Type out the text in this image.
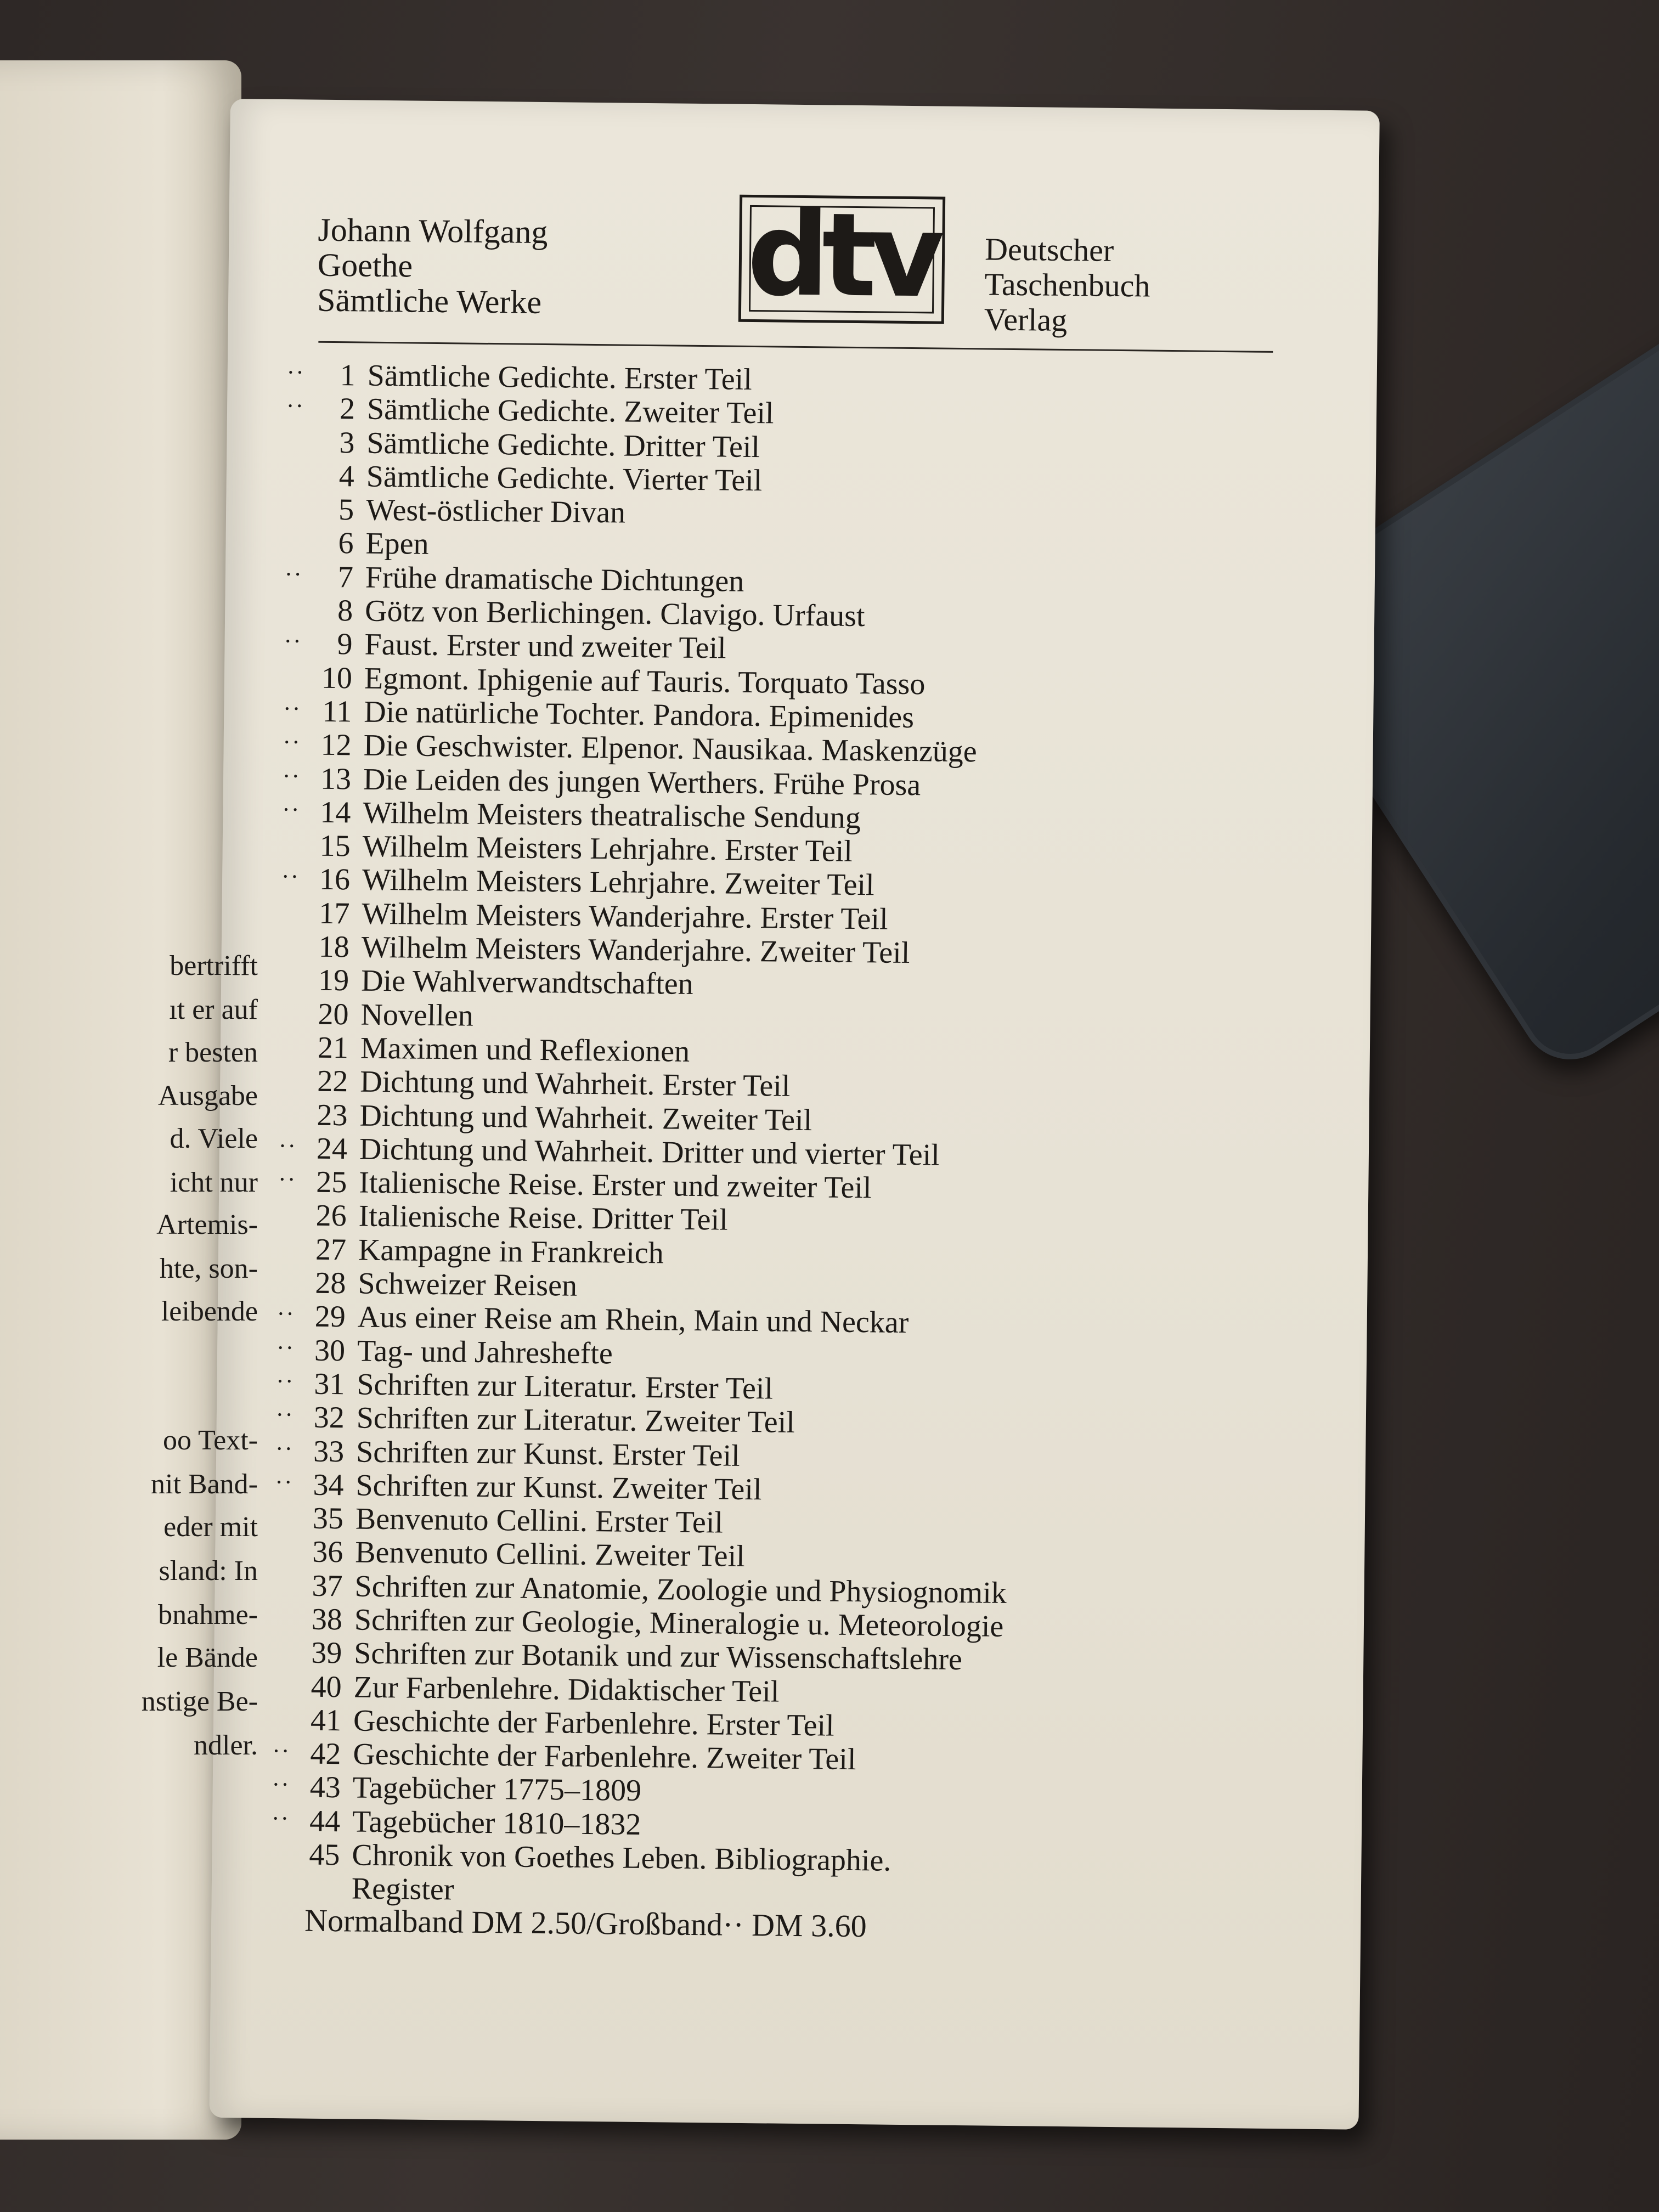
Johann Wolfgang
Goethe
Sämtliche Werke dtv Deutscher
Taschenbuch
Verlag
··	1 Sämtliche Gedichte. Erster Teil
··	2 Sämtliche Gedichte. Zweiter Teil
3 Sämtliche Gedichte. Dritter Teil
4 Sämtliche Gedichte. Vierter Teil
5 West-östlicher Divan
6 Epen
··	7 Frühe dramatische Dichtungen
8 Götz von Berlichingen. Clavigo. Urfaust
··	9 Faust. Erster und zweiter Teil
10 Egmont. Iphigenie auf Tauris. Torquato Tasso
·· 11 Die natürliche Tochter. Pandora. Epimenides
·· 12 Die Geschwister. Elpenor. Nausikaa. Maskenzüge
·· 13 Die Leiden des jungen Werthers. Frühe Prosa
·· 14 Wilhelm Meisters theatralische Sendung
15 Wilhelm Meisters Lehrjahre. Erster Teil
·· 16 Wilhelm Meisters Lehrjahre. Zweiter Teil
17 Wilhelm Meisters Wanderjahre. Erster Teil
18 Wilhelm Meisters Wanderjahre. Zweiter Teil
19 Die Wahlverwandtschaften
20 Novellen
21 Maximen und Reflexionen
22 Dichtung und Wahrheit. Erster Teil
23 Dichtung und Wahrheit. Zweiter Teil
·· 24 Dichtung und Wahrheit. Dritter und vierter Teil
·· 25 Italienische Reise. Erster und zweiter Teil
26 Italienische Reise. Dritter Teil
27 Kampagne in Frankreich
28 Schweizer Reisen
·· 29 Aus einer Reise am Rhein, Main und Neckar
·· 30 Tag- und Jahreshefte
·· 31 Schriften zur Literatur. Erster Teil
·· 32 Schriften zur Literatur. Zweiter Teil
·· 33 Schriften zur Kunst. Erster Teil
·· 34 Schriften zur Kunst. Zweiter Teil
35 Benvenuto Cellini. Erster Teil
36 Benvenuto Cellini. Zweiter Teil
37 Schriften zur Anatomie, Zoologie und Physiognomik
38 Schriften zur Geologie, Mineralogie u. Meteorologie
39 Schriften zur Botanik und zur Wissenschaftslehre
40 Zur Farbenlehre. Didaktischer Teil
41 Geschichte der Farbenlehre. Erster Teil
·· 42 Geschichte der Farbenlehre. Zweiter Teil
·· 43 Tagebücher 1775–1809
·· 44 Tagebücher 1810–1832
45 Chronik von Goethes Leben. Bibliographie.
Register
Normalband DM 2.50/Großband·· DM 3.60
bertrifft
ıt er auf
r besten
Ausgabe
d. Viele
icht nur
Artemis-
hte, son-
leibende
oo Text-
nit Band-
eder mit
sland: In
bnahme-
le Bände
nstige Be-
ndler.
